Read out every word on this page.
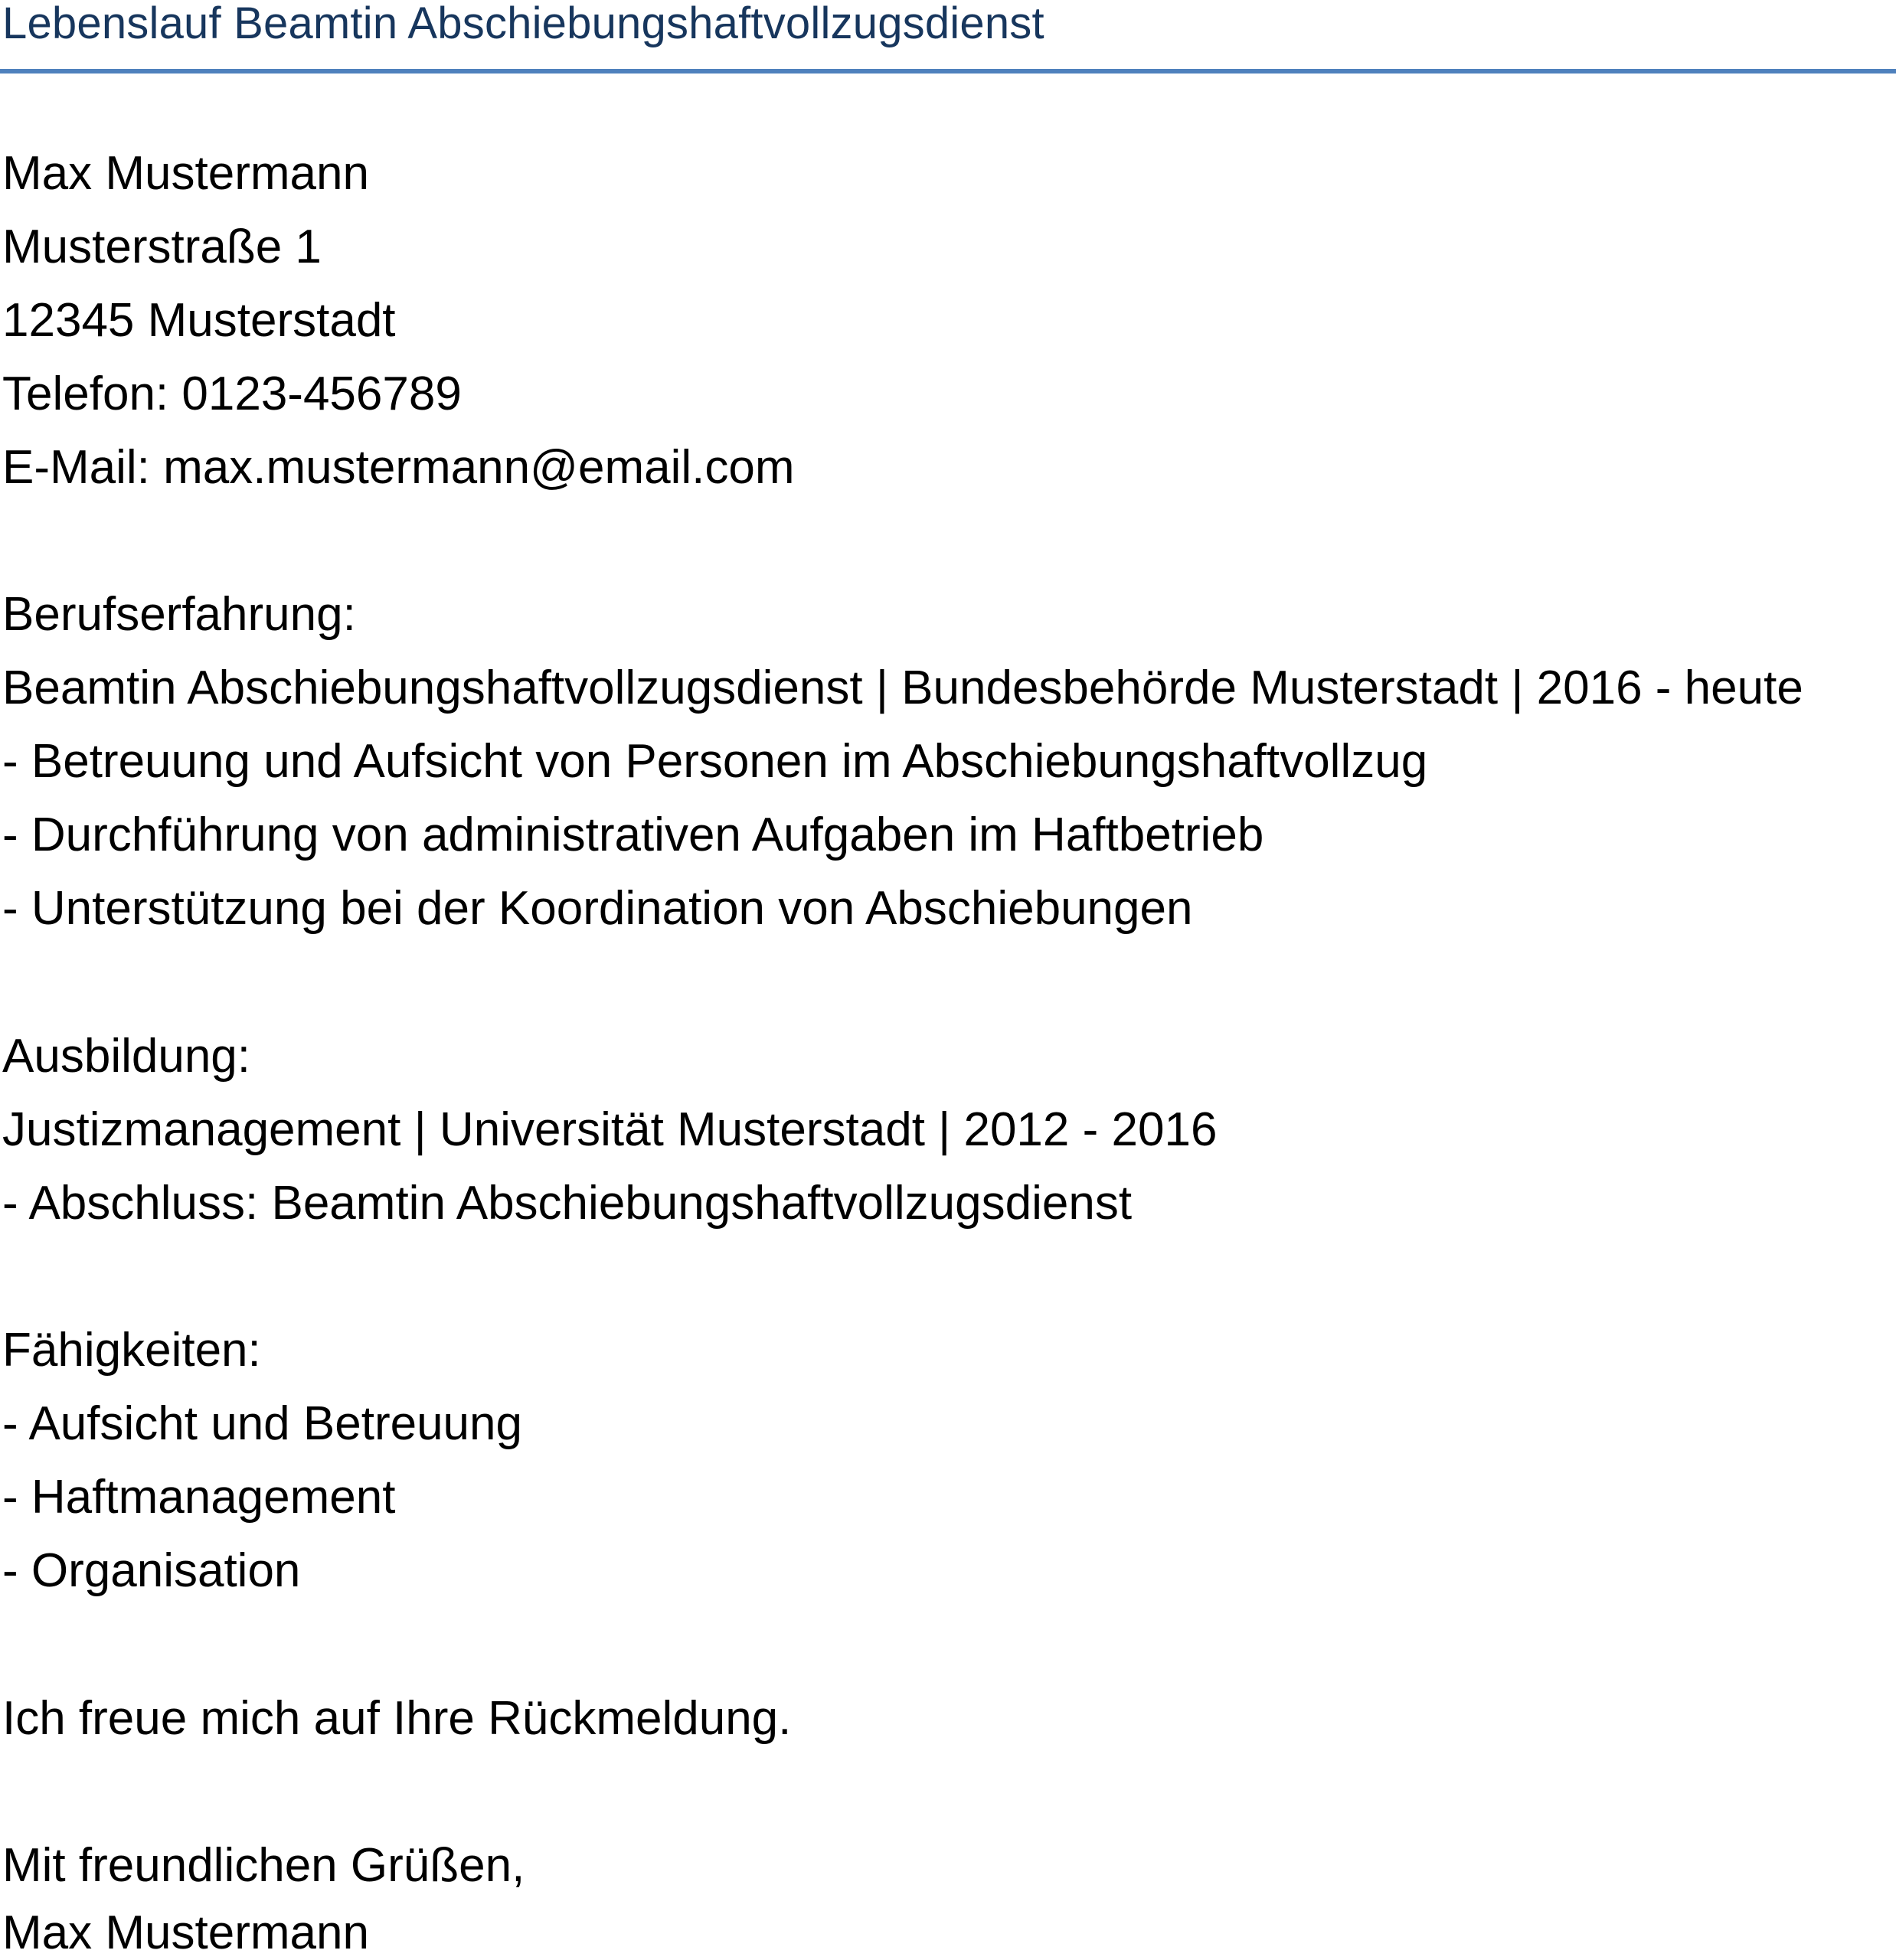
Lebenslauf Beamtin Abschiebungshaftvollzugsdienst
Max Mustermann
Musterstraße 1
12345 Musterstadt
Telefon: 0123-456789
E-Mail: max.mustermann@email.com
Berufserfahrung:
Beamtin Abschiebungshaftvollzugsdienst | Bundesbehörde Musterstadt | 2016 - heute
- Betreuung und Aufsicht von Personen im Abschiebungshaftvollzug
- Durchführung von administrativen Aufgaben im Haftbetrieb
- Unterstützung bei der Koordination von Abschiebungen
Ausbildung:
Justizmanagement | Universität Musterstadt | 2012 - 2016
- Abschluss: Beamtin Abschiebungshaftvollzugsdienst
Fähigkeiten:
- Aufsicht und Betreuung
- Haftmanagement
- Organisation
Ich freue mich auf Ihre Rückmeldung.
Mit freundlichen Grüßen,
Max Mustermann
